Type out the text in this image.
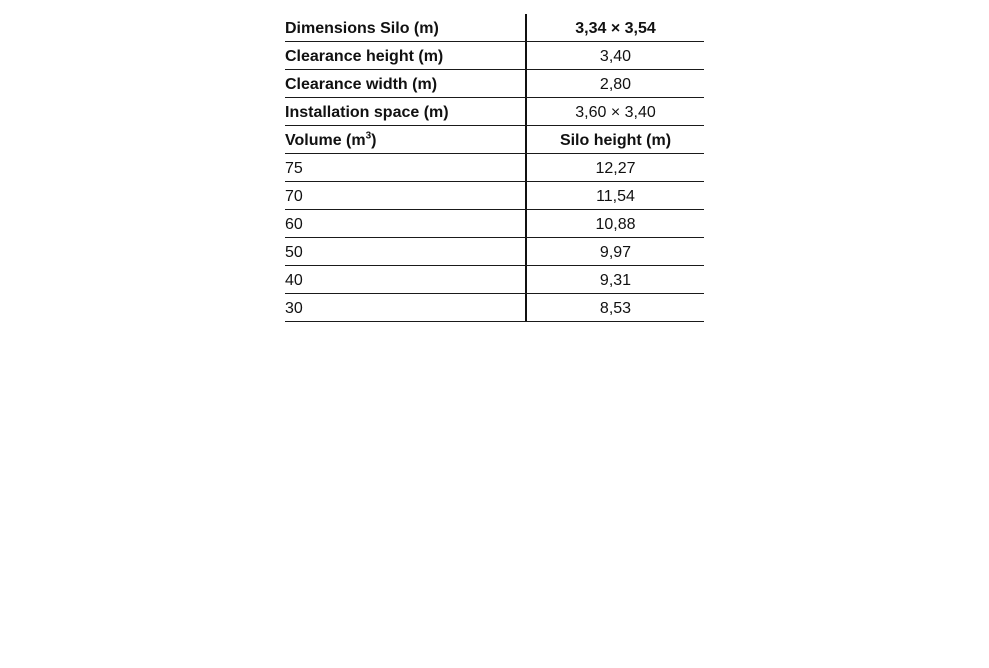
Dimensions Silo (m)	3,34 × 3,54
Clearance height (m)	3,40
Clearance width (m)	2,80
Installation space (m)	3,60 × 3,40
Volume $(m^3)$	Silo height (m)
75	12,27
70	11,54
60	10,88
50	9,97
40	9,31
30	8,53
